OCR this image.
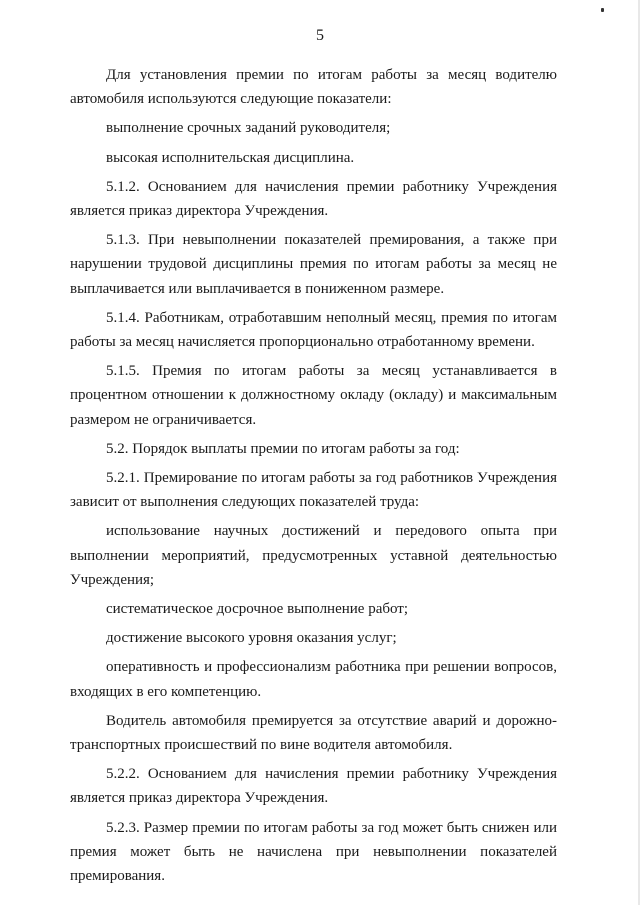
5

Для установления премии по итогам работы за месяц водителю автомобиля используются следующие показатели:

выполнение срочных заданий руководителя;

высокая исполнительская дисциплина.

5.1.2. Основанием для начисления премии работнику Учреждения является приказ директора Учреждения.

5.1.3. При невыполнении показателей премирования, а также при нарушении трудовой дисциплины премия по итогам работы за месяц не выплачивается или выплачивается в пониженном размере.

5.1.4. Работникам, отработавшим неполный месяц, премия по итогам работы за месяц начисляется пропорционально отработанному времени.

5.1.5. Премия по итогам работы за месяц устанавливается в процентном отношении к должностному окладу (окладу) и максимальным размером не ограничивается.

5.2. Порядок выплаты премии по итогам работы за год:

5.2.1. Премирование по итогам работы за год работников Учреждения зависит от выполнения следующих показателей труда:

использование научных достижений и передового опыта при выполнении мероприятий, предусмотренных уставной деятельностью Учреждения;

систематическое досрочное выполнение работ;

достижение высокого уровня оказания услуг;

оперативность и профессионализм работника при решении вопросов, входящих в его компетенцию.

Водитель автомобиля премируется за отсутствие аварий и дорожно-транспортных происшествий по вине водителя автомобиля.

5.2.2. Основанием для начисления премии работнику Учреждения является приказ директора Учреждения.

5.2.3. Размер премии по итогам работы за год может быть снижен или премия может быть не начислена при невыполнении показателей премирования.
